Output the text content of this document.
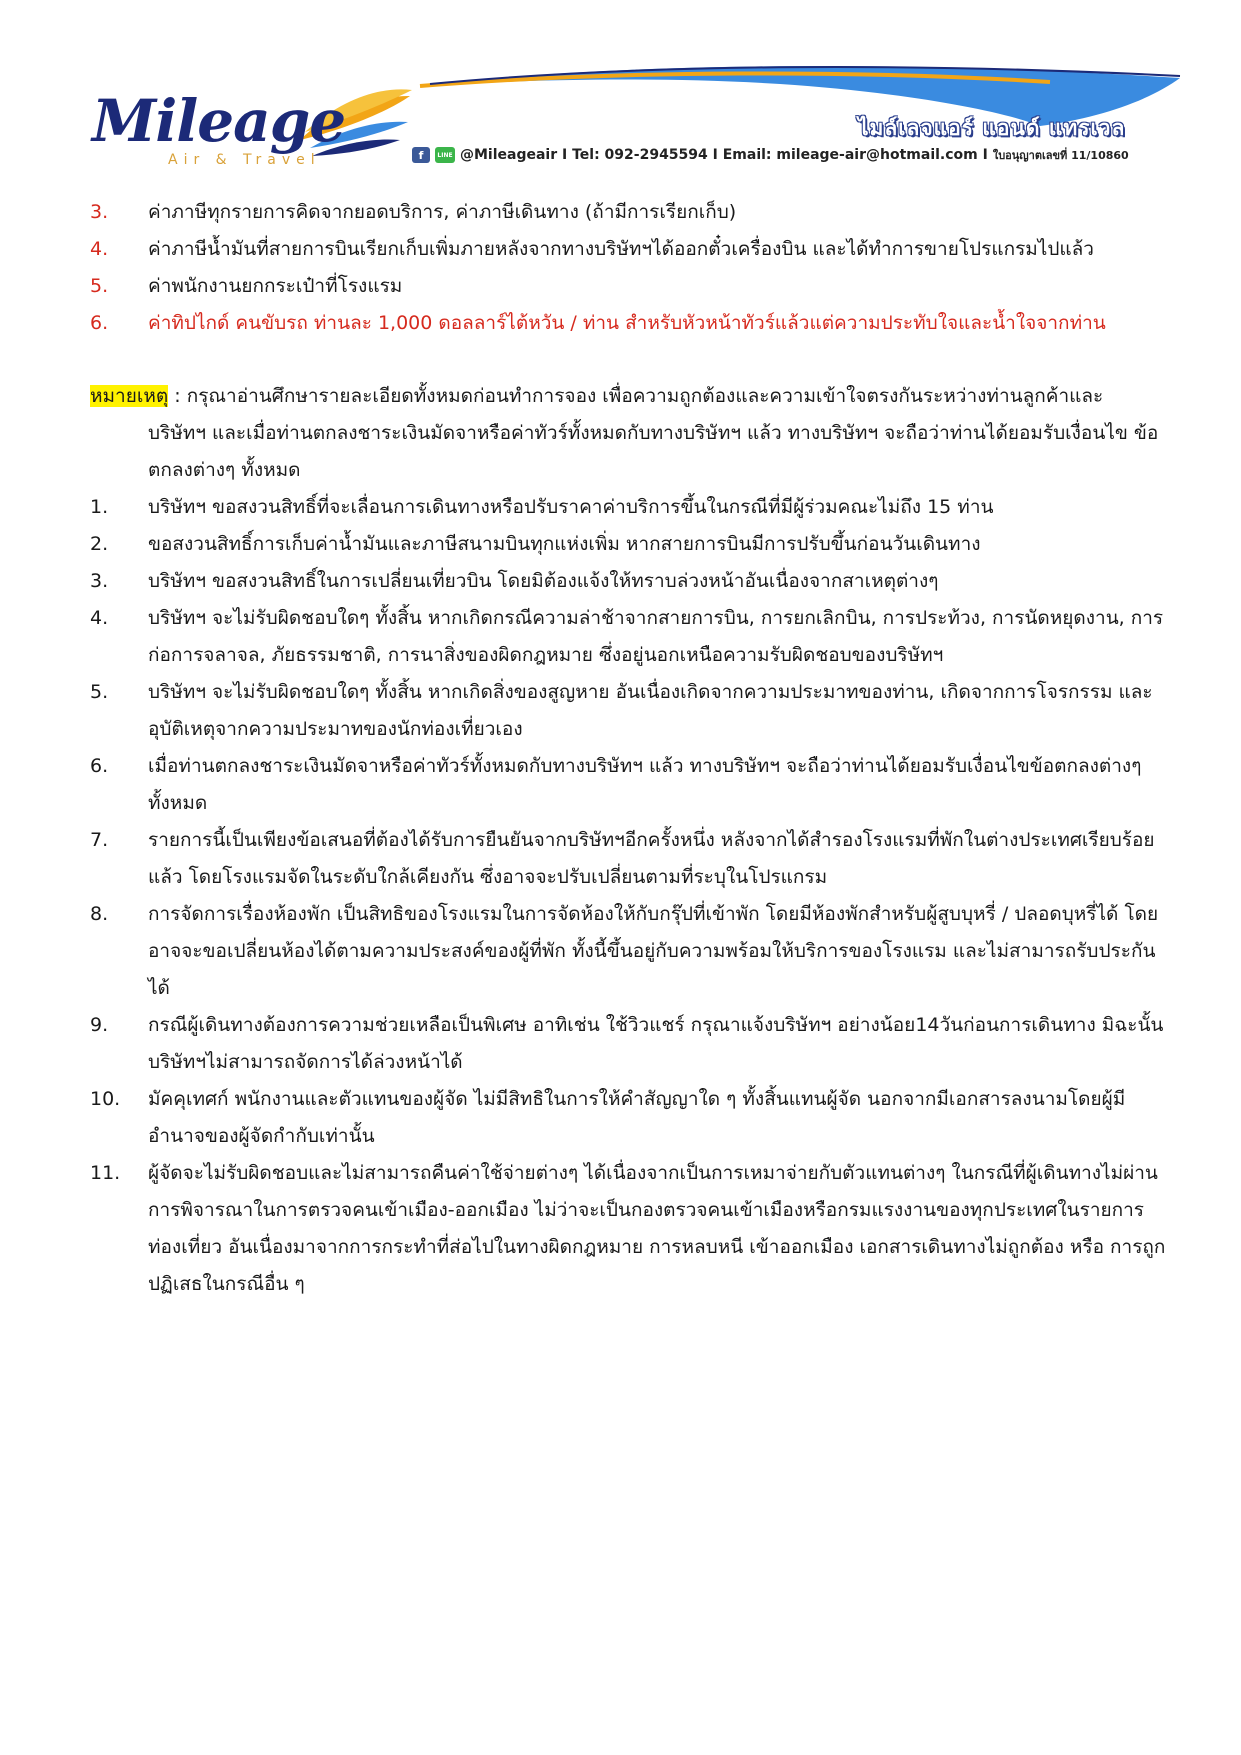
Mileage
Air & Travel
ไมล์เลจแอร์ แอนด์ แทรเวล
f	LINE @Mileageair I Tel: 092-2945594 I Email: mileage-air@hotmail.com I ใบอนุญาตเลขที่ 11/10860
3.	ค่าภาษีทุกรายการคิดจากยอดบริการ, ค่าภาษีเดินทาง (ถ้ามีการเรียกเก็บ)
4.	ค่าภาษีน้ำมันที่สายการบินเรียกเก็บเพิ่มภายหลังจากทางบริษัทฯได้ออกตั๋วเครื่องบิน และได้ทำการขายโปรแกรมไปแล้ว
5.	ค่าพนักงานยกกระเป๋าที่โรงแรม
6.	ค่าทิปไกด์ คนขับรถ ท่านละ 1,000 ดอลลาร์ไต้หวัน / ท่าน สำหรับหัวหน้าทัวร์แล้วแต่ความประทับใจและน้ำใจจากท่าน
หมายเหตุ : กรุณาอ่านศึกษารายละเอียดทั้งหมดก่อนทำการจอง เพื่อความถูกต้องและความเข้าใจตรงกันระหว่างท่านลูกค้าและ
บริษัทฯ และเมื่อท่านตกลงชาระเงินมัดจาหรือค่าทัวร์ทั้งหมดกับทางบริษัทฯ แล้ว ทางบริษัทฯ จะถือว่าท่านได้ยอมรับเงื่อนไข ข้อตกลงต่างๆ ทั้งหมด
1.	บริษัทฯ ขอสงวนสิทธิ์ที่จะเลื่อนการเดินทางหรือปรับราคาค่าบริการขึ้นในกรณีที่มีผู้ร่วมคณะไม่ถึง 15 ท่าน
2.	ขอสงวนสิทธิ์การเก็บค่าน้ำมันและภาษีสนามบินทุกแห่งเพิ่ม หากสายการบินมีการปรับขึ้นก่อนวันเดินทาง
3.	บริษัทฯ ขอสงวนสิทธิ์ในการเปลี่ยนเที่ยวบิน โดยมิต้องแจ้งให้ทราบล่วงหน้าอันเนื่องจากสาเหตุต่างๆ
4.	บริษัทฯ จะไม่รับผิดชอบใดๆ ทั้งสิ้น หากเกิดกรณีความล่าช้าจากสายการบิน, การยกเลิกบิน, การประท้วง, การนัดหยุดงาน, การก่อการจลาจล, ภัยธรรมชาติ, การนาสิ่งของผิดกฎหมาย ซึ่งอยู่นอกเหนือความรับผิดชอบของบริษัทฯ
5.	บริษัทฯ จะไม่รับผิดชอบใดๆ ทั้งสิ้น หากเกิดสิ่งของสูญหาย อันเนื่องเกิดจากความประมาทของท่าน, เกิดจากการโจรกรรม และ อุบัติเหตุจากความประมาทของนักท่องเที่ยวเอง
6.	เมื่อท่านตกลงชาระเงินมัดจาหรือค่าทัวร์ทั้งหมดกับทางบริษัทฯ แล้ว ทางบริษัทฯ จะถือว่าท่านได้ยอมรับเงื่อนไขข้อตกลงต่างๆ ทั้งหมด
7.	รายการนี้เป็นเพียงข้อเสนอที่ต้องได้รับการยืนยันจากบริษัทฯอีกครั้งหนึ่ง หลังจากได้สำรองโรงแรมที่พักในต่างประเทศเรียบร้อยแล้ว โดยโรงแรมจัดในระดับใกล้เคียงกัน ซึ่งอาจจะปรับเปลี่ยนตามที่ระบุในโปรแกรม
8.	การจัดการเรื่องห้องพัก เป็นสิทธิของโรงแรมในการจัดห้องให้กับกรุ๊ปที่เข้าพัก โดยมีห้องพักสำหรับผู้สูบบุหรี่ / ปลอดบุหรี่ได้ โดยอาจจะขอเปลี่ยนห้องได้ตามความประสงค์ของผู้ที่พัก ทั้งนี้ขึ้นอยู่กับความพร้อมให้บริการของโรงแรม และไม่สามารถรับประกันได้
9.	กรณีผู้เดินทางต้องการความช่วยเหลือเป็นพิเศษ อาทิเช่น ใช้วิวแชร์ กรุณาแจ้งบริษัทฯ อย่างน้อย14วันก่อนการเดินทาง มิฉะนั้น บริษัทฯไม่สามารถจัดการได้ล่วงหน้าได้
10.	มัคคุเทศก์ พนักงานและตัวแทนของผู้จัด ไม่มีสิทธิในการให้คำสัญญาใด ๆ ทั้งสิ้นแทนผู้จัด นอกจากมีเอกสารลงนามโดยผู้มีอำนาจของผู้จัดกำกับเท่านั้น
11.	ผู้จัดจะไม่รับผิดชอบและไม่สามารถคืนค่าใช้จ่ายต่างๆ ได้เนื่องจากเป็นการเหมาจ่ายกับตัวแทนต่างๆ ในกรณีที่ผู้เดินทางไม่ผ่านการพิจารณาในการตรวจคนเข้าเมือง-ออกเมือง ไม่ว่าจะเป็นกองตรวจคนเข้าเมืองหรือกรมแรงงานของทุกประเทศในรายการท่องเที่ยว อันเนื่องมาจากการกระทำที่ส่อไปในทางผิดกฎหมาย การหลบหนี เข้าออกเมือง เอกสารเดินทางไม่ถูกต้อง หรือ การถูกปฏิเสธในกรณีอื่น ๆ
